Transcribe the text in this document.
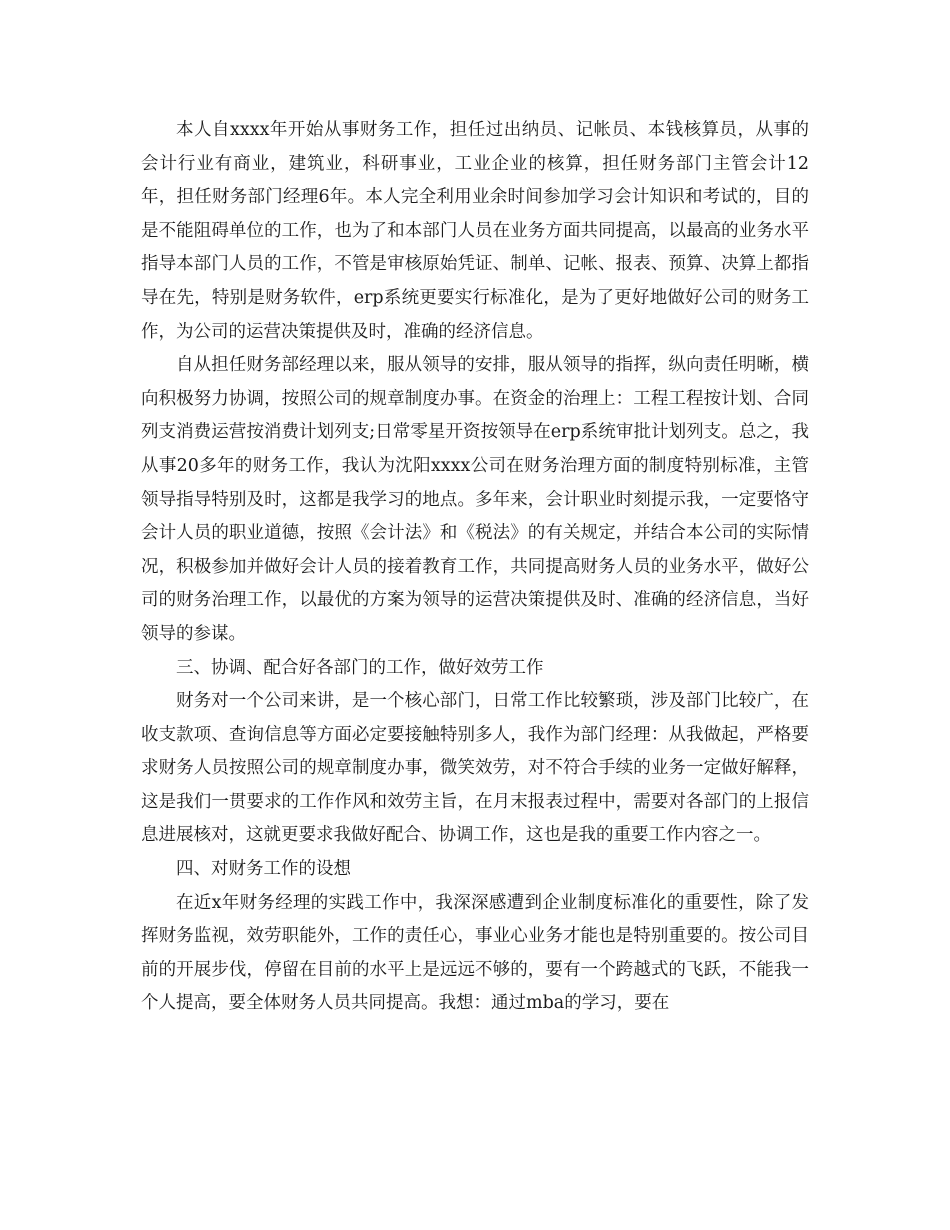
本人自xxxx年开始从事财务工作，担任过出纳员、记帐员、本钱核算员，从事的会计行业有商业，建筑业，科研事业，工业企业的核算，担任财务部门主管会计12年，担任财务部门经理6年。本人完全利用业余时间参加学习会计知识和考试的，目的是不能阻碍单位的工作，也为了和本部门人员在业务方面共同提高，以最高的业务水平指导本部门人员的工作，不管是审核原始凭证、制单、记帐、报表、预算、决算上都指导在先，特别是财务软件，erp系统更要实行标准化，是为了更好地做好公司的财务工作，为公司的运营决策提供及时，准确的经济信息。

自从担任财务部经理以来，服从领导的安排，服从领导的指挥，纵向责任明晰，横向积极努力协调，按照公司的规章制度办事。在资金的治理上：工程工程按计划、合同列支消费运营按消费计划列支;日常零星开资按领导在erp系统审批计划列支。总之，我从事20多年的财务工作，我认为沈阳xxxx公司在财务治理方面的制度特别标准，主管领导指导特别及时，这都是我学习的地点。多年来，会计职业时刻提示我，一定要恪守会计人员的职业道德，按照《会计法》和《税法》的有关规定，并结合本公司的实际情况，积极参加并做好会计人员的接着教育工作，共同提高财务人员的业务水平，做好公司的财务治理工作，以最优的方案为领导的运营决策提供及时、准确的经济信息，当好领导的参谋。

三、协调、配合好各部门的工作，做好效劳工作

财务对一个公司来讲，是一个核心部门，日常工作比较繁琐，涉及部门比较广，在收支款项、查询信息等方面必定要接触特别多人，我作为部门经理：从我做起，严格要求财务人员按照公司的规章制度办事，微笑效劳，对不符合手续的业务一定做好解释，这是我们一贯要求的工作作风和效劳主旨，在月末报表过程中，需要对各部门的上报信息进展核对，这就更要求我做好配合、协调工作，这也是我的重要工作内容之一。

四、对财务工作的设想

在近x年财务经理的实践工作中，我深深感遭到企业制度标准化的重要性，除了发挥财务监视，效劳职能外，工作的责任心，事业心业务才能也是特别重要的。按公司目前的开展步伐，停留在目前的水平上是远远不够的，要有一个跨越式的飞跃，不能我一个人提高，要全体财务人员共同提高。我想：通过mba的学习，要在
